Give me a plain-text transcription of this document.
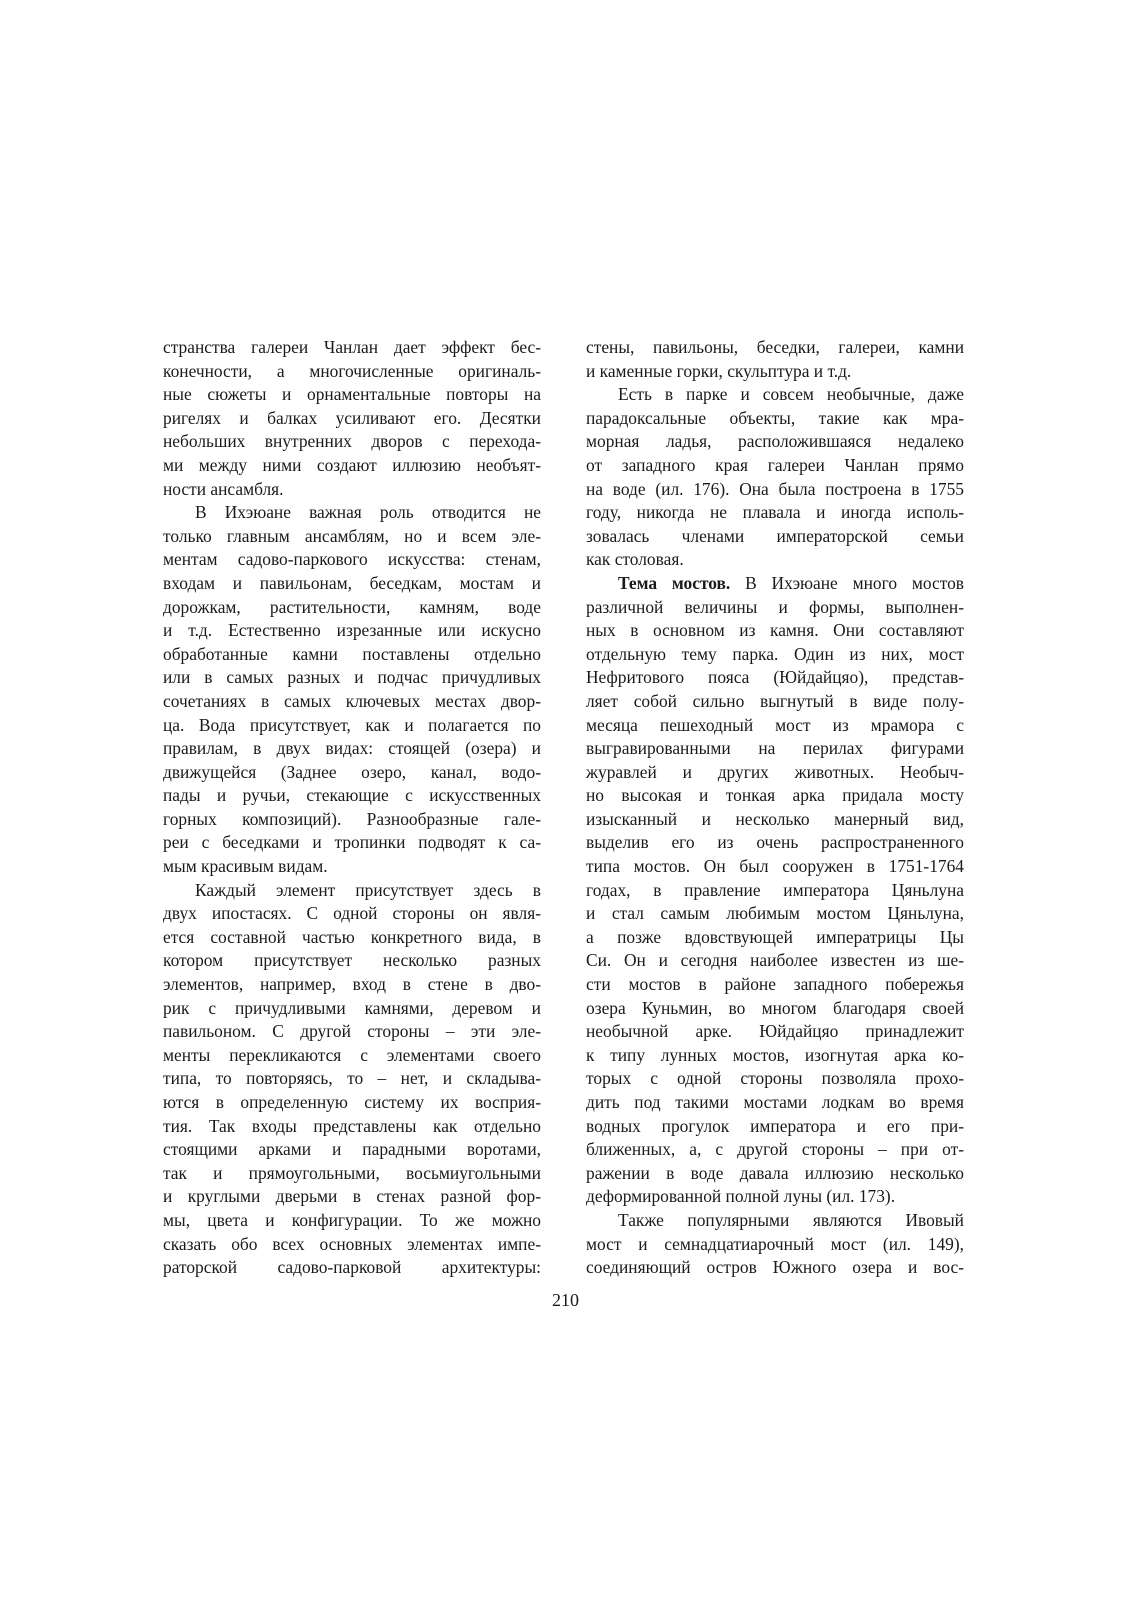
странства галереи Чанлан дает эффект бес-
конечности, а многочисленные оригиналь-
ные сюжеты и орнаментальные повторы на
ригелях и балках усиливают его. Десятки
небольших внутренних дворов с перехода-
ми между ними создают иллюзию необъят-
ности ансамбля.

В Ихэюане важная роль отводится не
только главным ансамблям, но и всем эле-
ментам садово-паркового искусства: стенам,
входам и павильонам, беседкам, мостам и
дорожкам, растительности, камням, воде
и т.д. Естественно изрезанные или искусно
обработанные камни поставлены отдельно
или в самых разных и подчас причудливых
сочетаниях в самых ключевых местах двор-
ца. Вода присутствует, как и полагается по
правилам, в двух видах: стоящей (озера) и
движущейся (Заднее озеро, канал, водо-
пады и ручьи, стекающие с искусственных
горных композиций). Разнообразные гале-
реи с беседками и тропинки подводят к са-
мым красивым видам.

Каждый элемент присутствует здесь в
двух ипостасях. С одной стороны он явля-
ется составной частью конкретного вида, в
котором присутствует несколько разных
элементов, например, вход в стене в дво-
рик с причудливыми камнями, деревом и
павильоном. С другой стороны – эти эле-
менты перекликаются с элементами своего
типа, то повторяясь, то – нет, и складыва-
ются в определенную систему их восприя-
тия. Так входы представлены как отдельно
стоящими арками и парадными воротами,
так и прямоугольными, восьмиугольными
и круглыми дверьми в стенах разной фор-
мы, цвета и конфигурации. То же можно
сказать обо всех основных элементах импе-
раторской садово-парковой архитектуры:

стены, павильоны, беседки, галереи, камни
и каменные горки, скульптура и т.д.

Есть в парке и совсем необычные, даже
парадоксальные объекты, такие как мра-
морная ладья, расположившаяся недалеко
от западного края галереи Чанлан прямо
на воде (ил. 176). Она была построена в 1755
году, никогда не плавала и иногда исполь-
зовалась членами императорской семьи
как столовая.

Тема мостов. В Ихэюане много мостов
различной величины и формы, выполнен-
ных в основном из камня. Они составляют
отдельную тему парка. Один из них, мост
Нефритового пояса (Юйдайцяо), представ-
ляет собой сильно выгнутый в виде полу-
месяца пешеходный мост из мрамора с
выгравированными на перилах фигурами
журавлей и других животных. Необыч-
но высокая и тонкая арка придала мосту
изысканный и несколько манерный вид,
выделив его из очень распространенного
типа мостов. Он был сооружен в 1751-1764
годах, в правление императора Цяньлуна
и стал самым любимым мостом Цяньлуна,
а позже вдовствующей императрицы Цы
Си. Он и сегодня наиболее известен из ше-
сти мостов в районе западного побережья
озера Куньмин, во многом благодаря своей
необычной арке. Юйдайцяо принадлежит
к типу лунных мостов, изогнутая арка ко-
торых с одной стороны позволяла прохо-
дить под такими мостами лодкам во время
водных прогулок императора и его при-
ближенных, а, с другой стороны – при от-
ражении в воде давала иллюзию несколько
деформированной полной луны (ил. 173).

Также популярными являются Ивовый
мост и семнадцатиарочный мост (ил. 149),
соединяющий остров Южного озера и вос-

210
